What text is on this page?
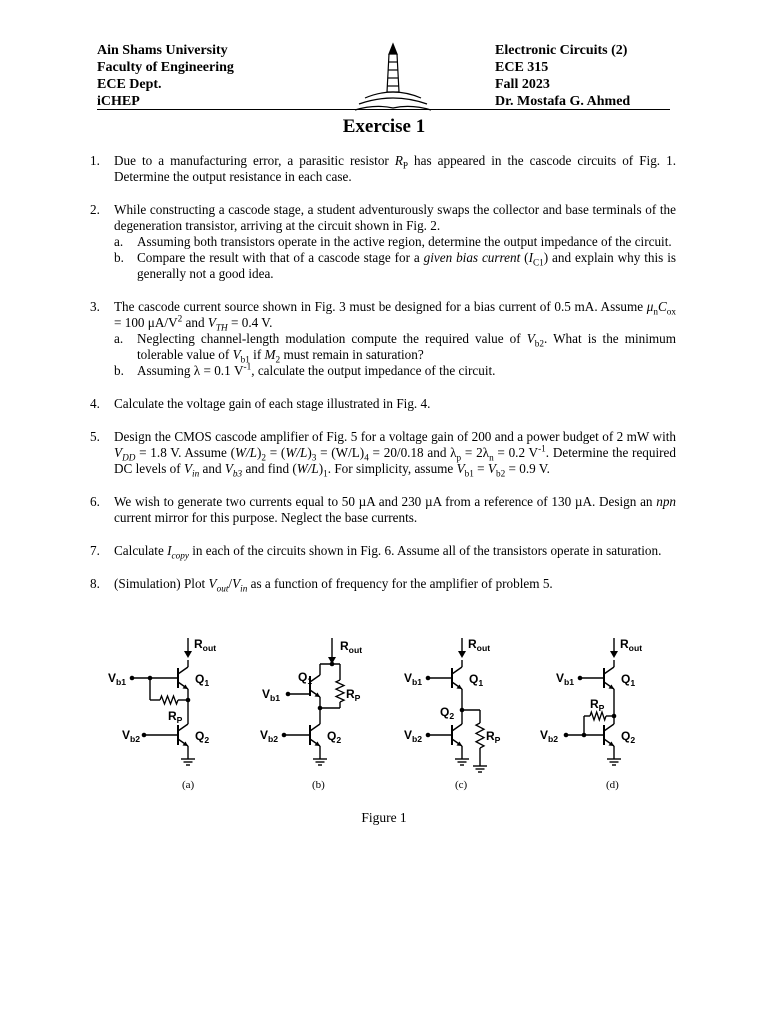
Ain Shams University
Faculty of Engineering
ECE Dept.
iCHEP
Electronic Circuits (2)
ECE 315
Fall 2023
Dr. Mostafa G. Ahmed
Exercise 1
1. Due to a manufacturing error, a parasitic resistor $R_P$ has appeared in the cascode circuits of Fig. 1. Determine the output resistance in each case.

2. While constructing a cascode stage, a student adventurously swaps the collector and base terminals of the degeneration transistor, arriving at the circuit shown in Fig. 2.

a. Assuming both transistors operate in the active region, determine the output impedance of the circuit.

b. Compare the result with that of a cascode stage for a given bias current $(I_{C1})$ and explain why this is generally not a good idea.

3. The cascode current source shown in Fig. 3 must be designed for a bias current of 0.5 mA. Assume $\mu_nC_{ox} = 100$ $\mu A/V^2$ and $V_{TH} = 0.4$ V.

a. Neglecting channel-length modulation compute the required value of $V_{b2}$. What is the minimum tolerable value of $V_{b1}$ if $M_2$ must remain in saturation?

b. Assuming λ = 0.1 $V^{-1}$, calculate the output impedance of the circuit.

4. Calculate the voltage gain of each stage illustrated in Fig. 4.

5. Design the CMOS cascode amplifier of Fig. 5 for a voltage gain of 200 and a power budget of 2 mW with $V_{DD} = 1.8$ V. Assume $(W/L)_2 = (W/L)_3 = (W/L)_4 = 20/0.18$ and $\lambda_p = 2\lambda_n = 0.2$ $V^{-1}$. Determine the required DC levels of $V_{in}$ and $V_{b3}$ and find $(W/L)_1$. For simplicity, assume $V_{b1} = V_{b2} = 0.9$ V.

6. We wish to generate two currents equal to 50 µA and 230 µA from a reference of 130 µA. Design an npn current mirror for this purpose. Neglect the base currents.

7. Calculate $I_{copy}$ in each of the circuits shown in Fig. 6. Assume all of the transistors operate in saturation.

8. (Simulation) Plot $V_{out}/V_{in}$ as a function of frequency for the amplifier of problem 5.

$R_{out}$
$Q_1$
$Q_2$
$V_{b1}$
$R_P$
$V_{b2}$
(a)
$R_{out}$
$Q_1$
$R_P$
$V_{b1}$
$Q_2$
$V_{b2}$
(b)
$R_{out}$
$Q_1$
$V_{b1}$
$R_P$
$Q_2$
$V_{b2}$
(c)
$R_{out}$
$Q_1$
$V_{b1}$
$R_P$
$Q_2$
$V_{b2}$
(d)
Figure 1
